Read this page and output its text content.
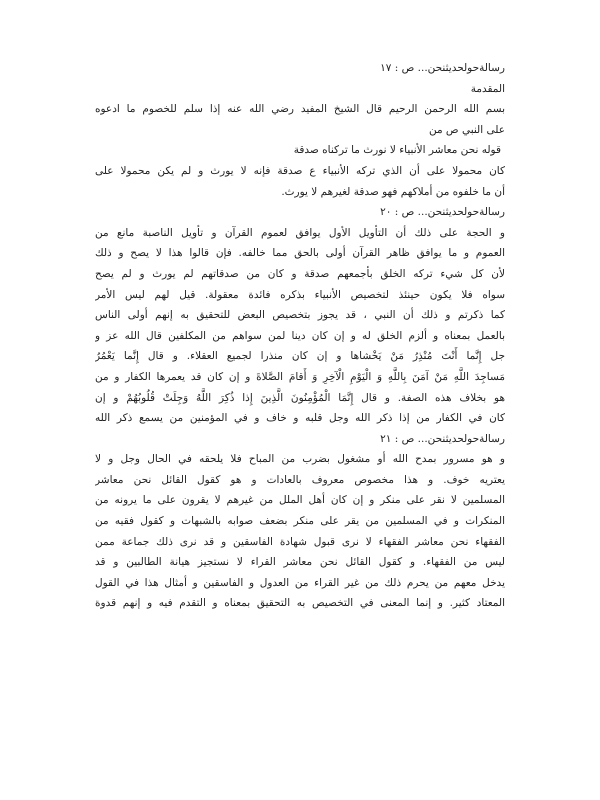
رسالةحولحديثنحن... ص : ١٧
المقدمة
بسم الله الرحمن الرحيم قال الشيخ المفيد رضي الله عنه إذا سلم للخصوم ما ادعوه
على النبي ص من
قوله نحن معاشر الأنبياء لا نورث ما تركناه صدقة
كان محمولا على أن الذي تركه الأنبياء ع صدقة فإنه لا يورث و لم يكن محمولا على
أن ما خلفوه من أملاكهم فهو صدقة لغيرهم لا يورث.
رسالةحولحديثنحن... ص : ٢٠
و الحجة على ذلك أن التأويل الأول يوافق لعموم القرآن و تأويل الناصبة مانع من
العموم و ما يوافق ظاهر القرآن أولى بالحق مما خالفه. فإن قالوا هذا لا يصح و ذلك
لأن كل شيء تركه الخلق بأجمعهم صدقة و كان من صدقاتهم لم يورث و لم يصح
سواه فلا يكون حينئذ لتخصيص الأنبياء بذكره فائدة معقولة. قيل لهم ليس الأمر
كما ذكرتم و ذلك أن النبي ، قد يجوز بتخصيص البعض للتحقيق به إنهم أولى الناس
بالعمل بمعناه و ألزم الخلق له و إن كان دينا لمن سواهم من المكلفين قال الله عز و
جل إِنَّما أَنْتَ مُنْذِرُ مَنْ يَخْشاها و إن كان منذرا لجميع العقلاء. و قال إِنَّما يَعْمُرُ
مَساجِدَ اللَّهِ مَنْ آمَنَ بِاللَّهِ وَ الْيَوْمِ الْآخِرِ وَ أَقامَ الصَّلاةَ و إن كان قد يعمرها الكفار و من
هو بخلاف هذه الصفة. و قال إِنَّمَا الْمُؤْمِنُونَ الَّذِينَ إِذا ذُكِرَ اللَّهُ وَجِلَتْ قُلُوبُهُمْ و إن
كان في الكفار من إذا ذكر الله وجل قلبه و خاف و في المؤمنين من يسمع ذكر الله
رسالةحولحديثنحن... ص : ٢١
و هو مسرور بمدح الله أو مشغول بضرب من المباح فلا يلحقه في الحال وجل و لا
يعتريه خوف. و هذا مخصوص معروف بالعادات و هو كقول القائل نحن معاشر
المسلمين لا نقر على منكر و إن كان أهل الملل من غيرهم لا يقرون على ما يرونه من
المنكرات و في المسلمين من يقر على منكر بضعف صوابه بالشبهات و كقول فقيه من
الفقهاء نحن معاشر الفقهاء لا نرى قبول شهادة الفاسقين و قد نرى ذلك جماعة ممن
ليس من الفقهاء. و كقول القائل نحن معاشر القراء لا نستجيز هيانة الطالبين و قد
يدخل معهم من يحرم ذلك من غير القراء من العدول و الفاسقين و أمثال هذا في القول
المعتاد كثير. و إنما المعنى في التخصيص به التحقيق بمعناه و التقدم فيه و إنهم قدوة
